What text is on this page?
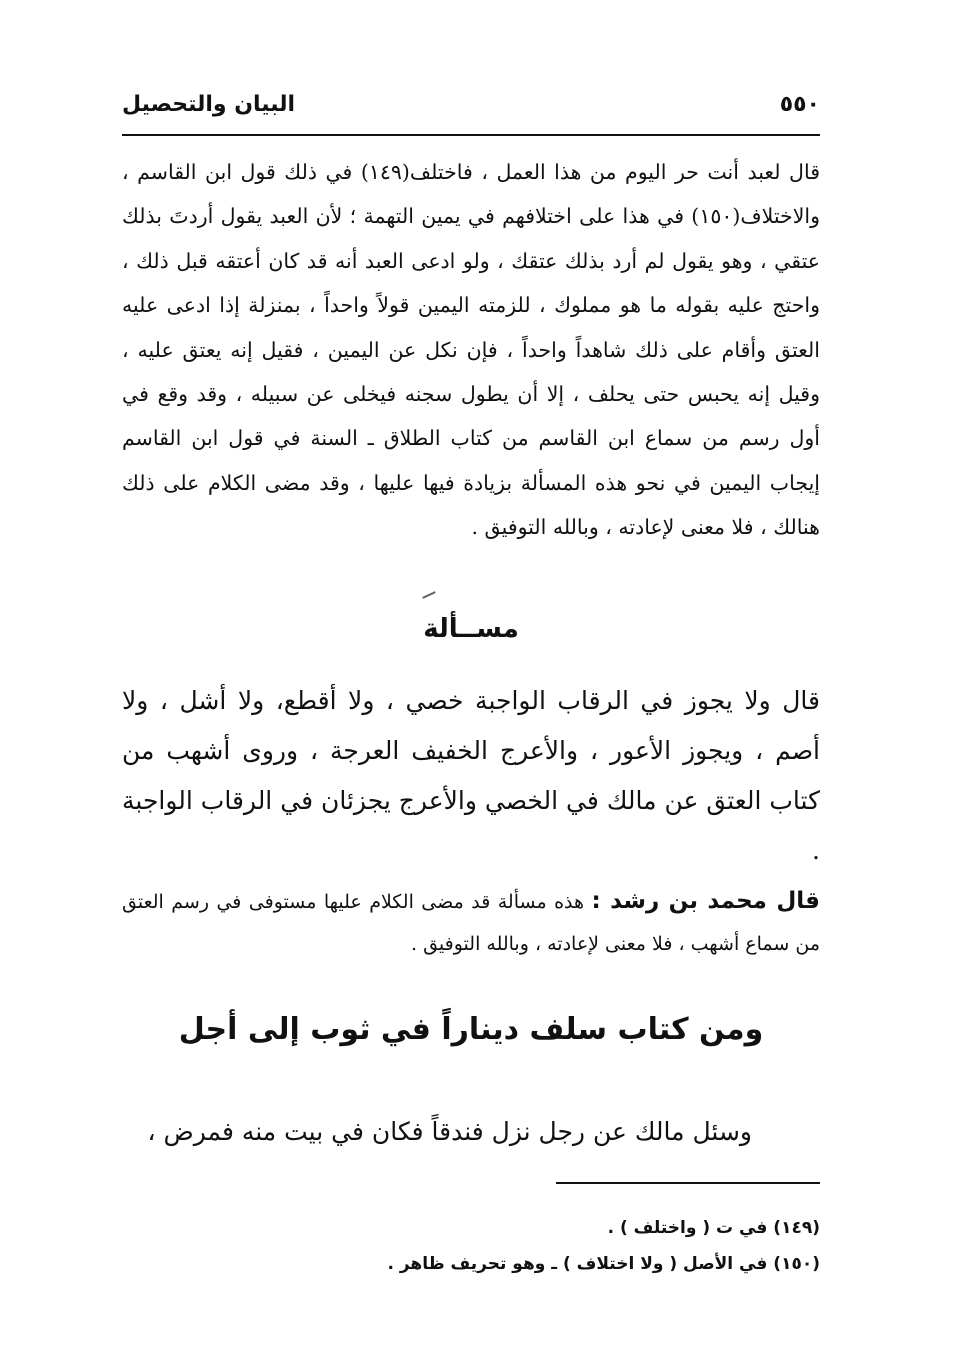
٥٥٠
البيان والتحصيل

قال لعبد أنت حر اليوم من هذا العمل ، فاختلف(١٤٩) في ذلك قول ابن القاسم ، والاختلاف(١٥٠) في هذا على اختلافهم في يمين التهمة ؛ لأن العبد يقول أردتَ بذلك عتقي ، وهو يقول لم أرد بذلك عتقك ، ولو ادعى العبد أنه قد كان أعتقه قبل ذلك ، واحتج عليه بقوله ما هو مملوك ، للزمته اليمين قولاً واحداً ، بمنزلة إذا ادعى عليه العتق وأقام على ذلك شاهداً واحداً ، فإن نكل عن اليمين ، فقيل إنه يعتق عليه ، وقيل إنه يحبس حتى يحلف ، إلا أن يطول سجنه فيخلى عن سبيله ، وقد وقع في أول رسم من سماع ابن القاسم من كتاب الطلاق ـ السنة في قول ابن القاسم إيجاب اليمين في نحو هذه المسألة بزيادة فيها عليها ، وقد مضى الكلام على ذلك هنالك ، فلا معنى لإعادته ، وبالله التوفيق .

مســألة

قال ولا يجوز في الرقاب الواجبة خصي ، ولا أقطع، ولا أشل ، ولا أصم ، ويجوز الأعور ، والأعرج الخفيف العرجة ، وروى أشهب من كتاب العتق عن مالك في الخصي والأعرج يجزئان في الرقاب الواجبة .

قال محمد بن رشد : هذه مسألة قد مضى الكلام عليها مستوفى في رسم العتق من سماع أشهب ، فلا معنى لإعادته ، وبالله التوفيق .

ومن كتاب سلف ديناراً في ثوب إلى أجل

وسئل مالك عن رجل نزل فندقاً فكان في بيت منه فمرض ،

(١٤٩) في ت ( واختلف ) .
(١٥٠) في الأصل ( ولا اختلاف ) ـ وهو تحريف ظاهر .
